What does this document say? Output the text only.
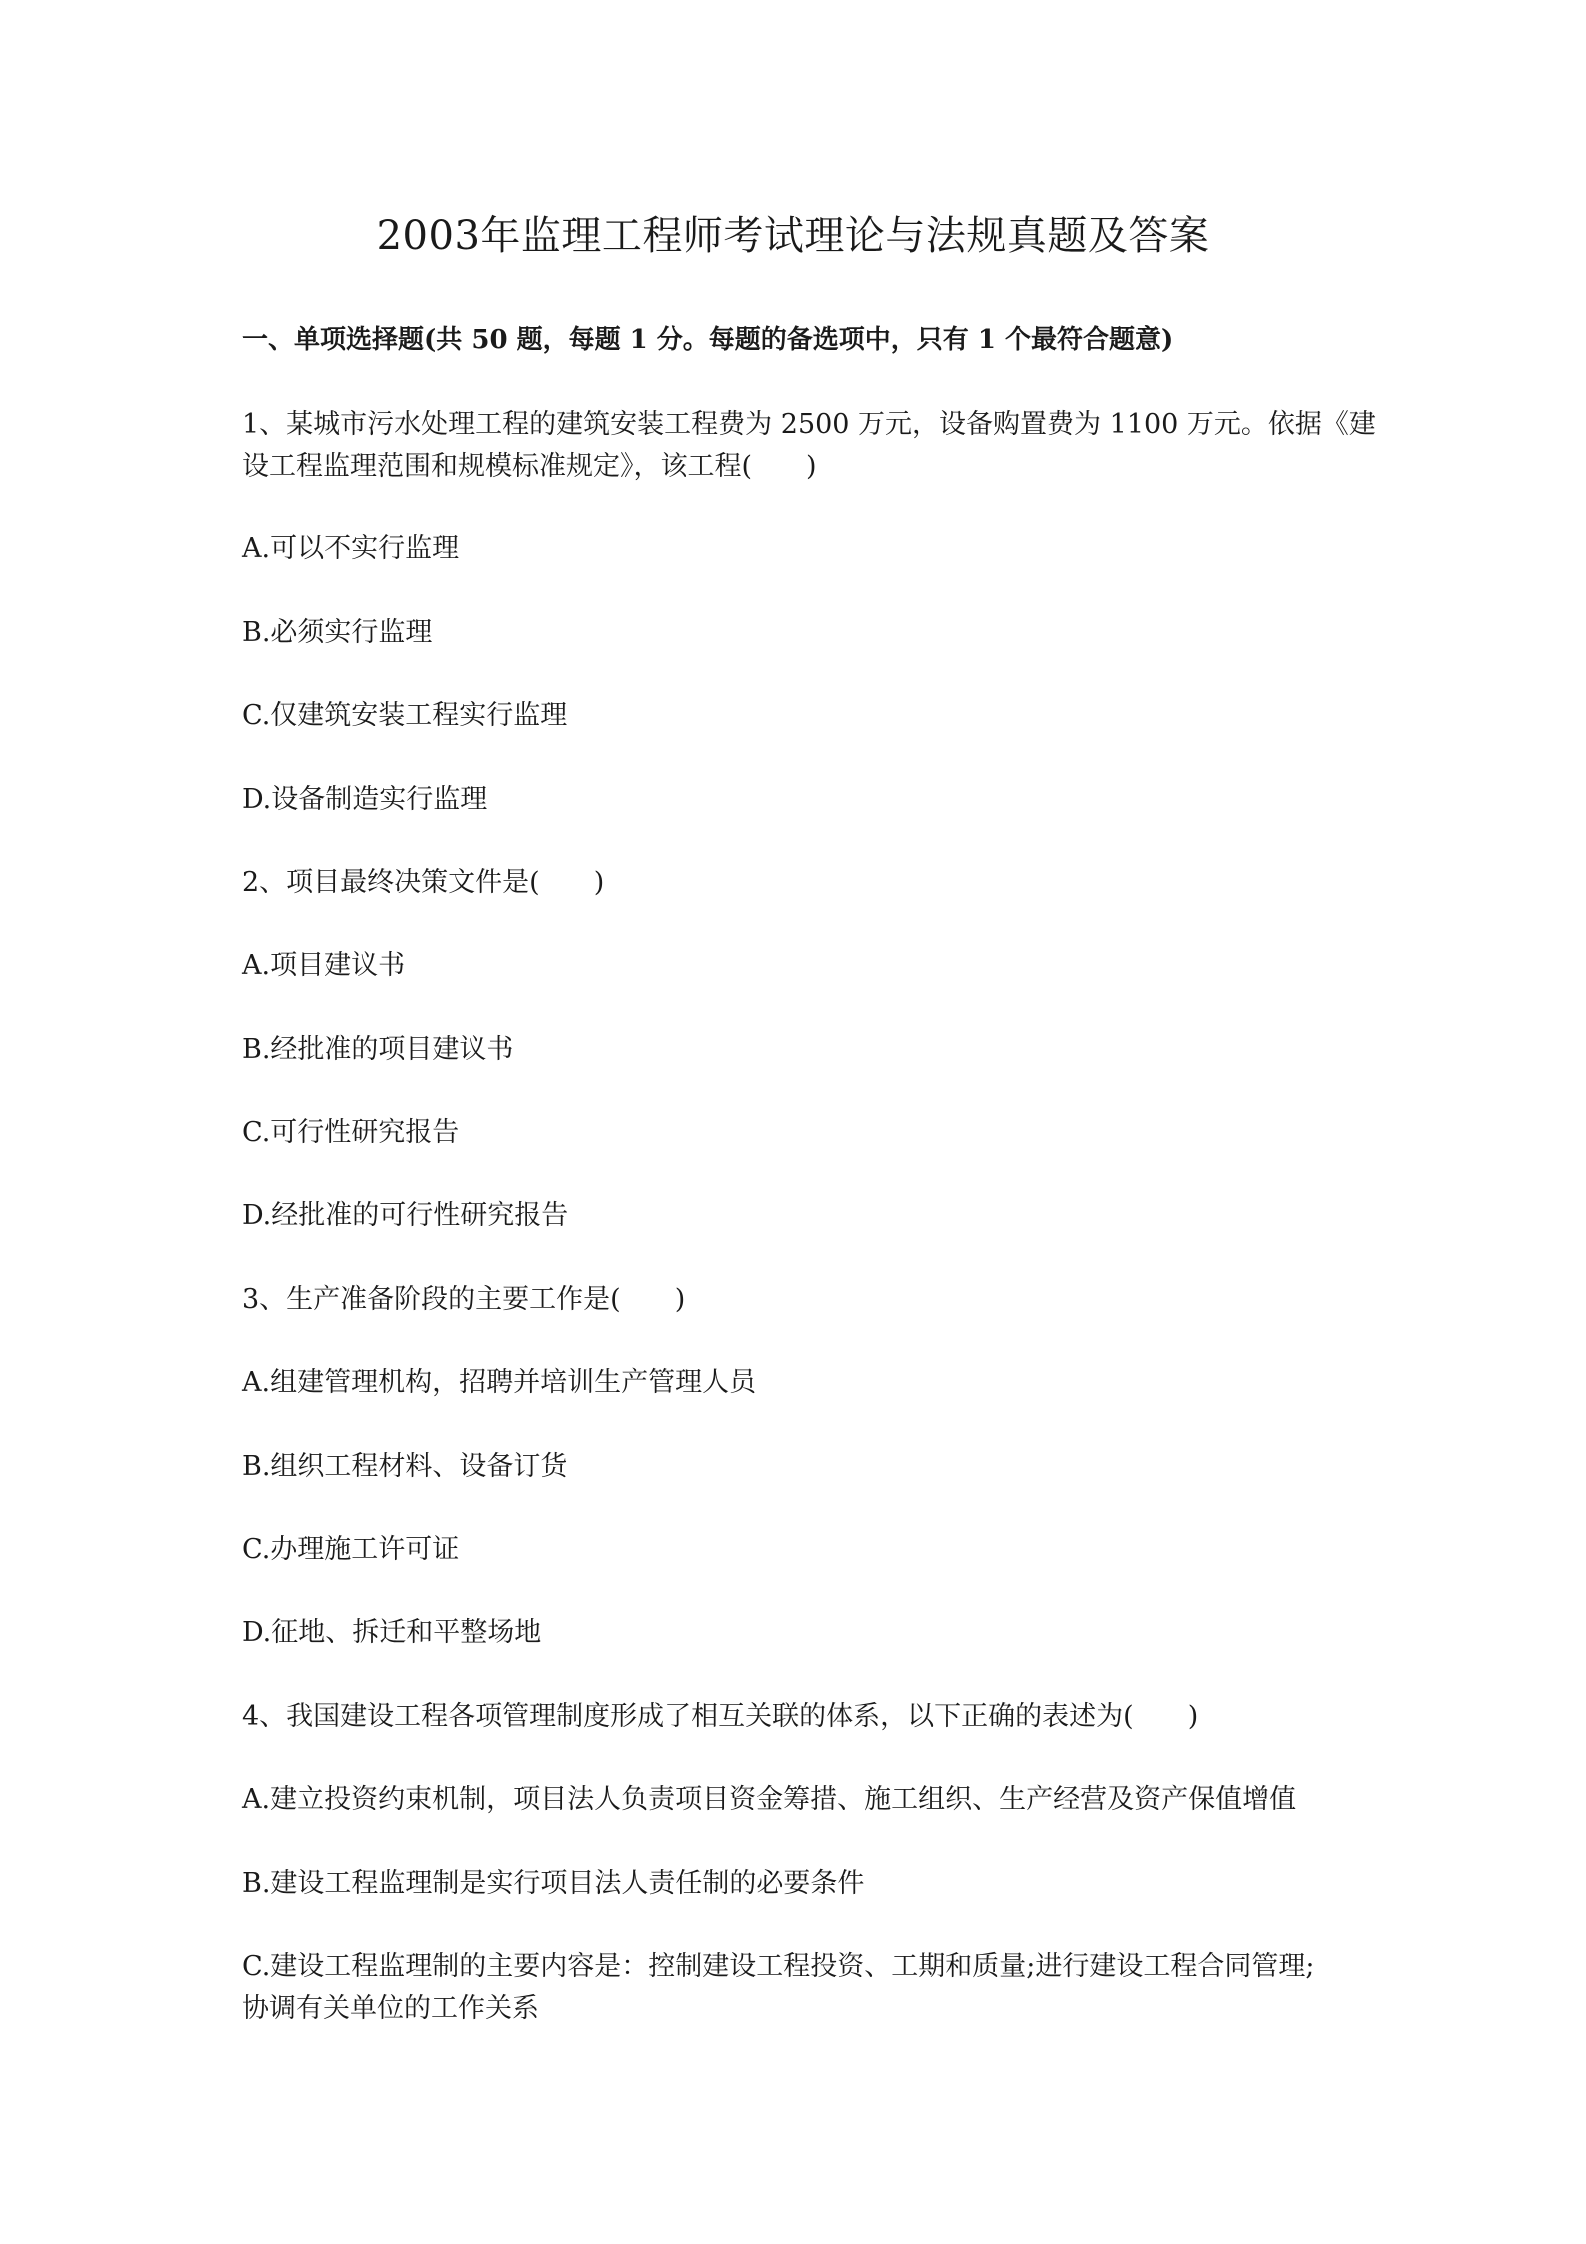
2003年监理工程师考试理论与法规真题及答案

一、单项选择题(共 50 题，每题 1 分。每题的备选项中，只有 1 个最符合题意)

1、某城市污水处理工程的建筑安装工程费为 2500 万元，设备购置费为 1100 万元。依据《建

设工程监理范围和规模标准规定》，该工程(　　)

A.可以不实行监理

B.必须实行监理

C.仅建筑安装工程实行监理

D.设备制造实行监理

2、项目最终决策文件是(　　)

A.项目建议书

B.经批准的项目建议书

C.可行性研究报告

D.经批准的可行性研究报告

3、生产准备阶段的主要工作是(　　)

A.组建管理机构，招聘并培训生产管理人员

B.组织工程材料、设备订货

C.办理施工许可证

D.征地、拆迁和平整场地

4、我国建设工程各项管理制度形成了相互关联的体系，以下正确的表述为(　　)

A.建立投资约束机制，项目法人负责项目资金筹措、施工组织、生产经营及资产保值增值

B.建设工程监理制是实行项目法人责任制的必要条件

C.建设工程监理制的主要内容是：控制建设工程投资、工期和质量;进行建设工程合同管理;

协调有关单位的工作关系
